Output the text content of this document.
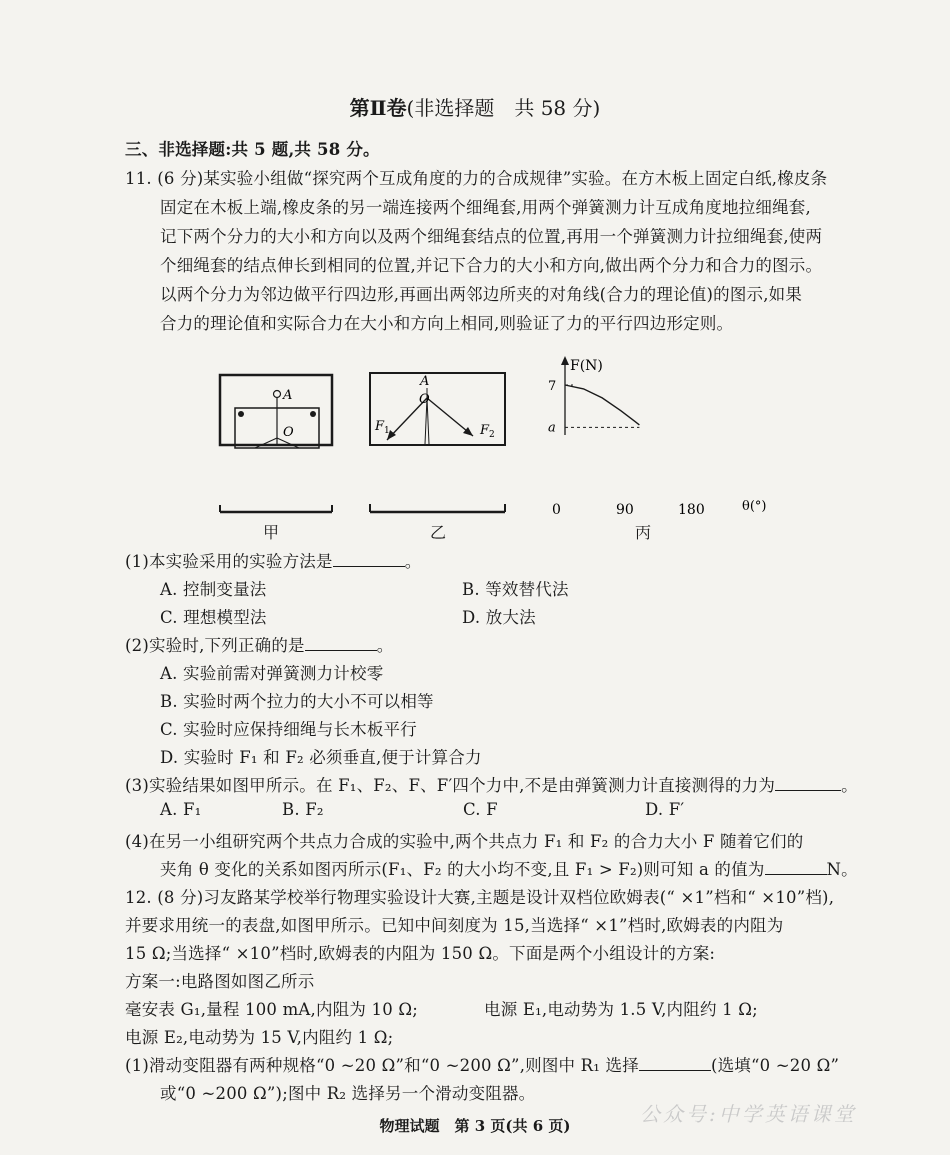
第Ⅱ卷(非选择题　共 58 分)
三、非选择题:共 5 题,共 58 分。
11. (6 分)某实验小组做“探究两个互成角度的力的合成规律”实验。在方木板上固定白纸,橡皮条
固定在木板上端,橡皮条的另一端连接两个细绳套,用两个弹簧测力计互成角度地拉细绳套,
记下两个分力的大小和方向以及两个细绳套结点的位置,再用一个弹簧测力计拉细绳套,使两
个细绳套的结点伸长到相同的位置,并记下合力的大小和方向,做出两个分力和合力的图示。
以两个分力为邻边做平行四边形,再画出两邻边所夹的对角线(合力的理论值)的图示,如果
合力的理论值和实际合力在大小和方向上相同,则验证了力的平行四边形定则。
A
O
甲
A
O
$F_1$	$F_2$
乙
F(N)
7
a
0	90	180	θ(°)
丙
(1)本实验采用的实验方法是	。
A. 控制变量法	B. 等效替代法
C. 理想模型法	D. 放大法
(2)实验时,下列正确的是	。
A. 实验前需对弹簧测力计校零
B. 实验时两个拉力的大小不可以相等
C. 实验时应保持细绳与长木板平行
D. 实验时 F₁ 和 F₂ 必须垂直,便于计算合力
(3)实验结果如图甲所示。在 F₁、F₂、F、F′四个力中,不是由弹簧测力计直接测得的力为	。
A. F₁	B. F₂	C. F	D. F′
(4)在另一小组研究两个共点力合成的实验中,两个共点力 F₁ 和 F₂ 的合力大小 F 随着它们的
夹角 θ 变化的关系如图丙所示(F₁、F₂ 的大小均不变,且 F₁ > F₂)则可知 a 的值为	N。
12. (8 分)习友路某学校举行物理实验设计大赛,主题是设计双档位欧姆表(“ ×1”档和“ ×10”档),
并要求用统一的表盘,如图甲所示。已知中间刻度为 15,当选择“ ×1”档时,欧姆表的内阻为
15 Ω;当选择“ ×10”档时,欧姆表的内阻为 150 Ω。下面是两个小组设计的方案:
方案一:电路图如图乙所示
毫安表 G₁,量程 100 mA,内阻为 10 Ω;	电源 E₁,电动势为 1.5 V,内阻约 1 Ω;
电源 E₂,电动势为 15 V,内阻约 1 Ω;
(1)滑动变阻器有两种规格“0 ~20 Ω”和“0 ~200 Ω”,则图中 R₁ 选择	(选填“0 ~20 Ω”
或“0 ~200 Ω”);图中 R₂ 选择另一个滑动变阻器。
公众号:中学英语课堂
物理试题　第 3 页(共 6 页)
